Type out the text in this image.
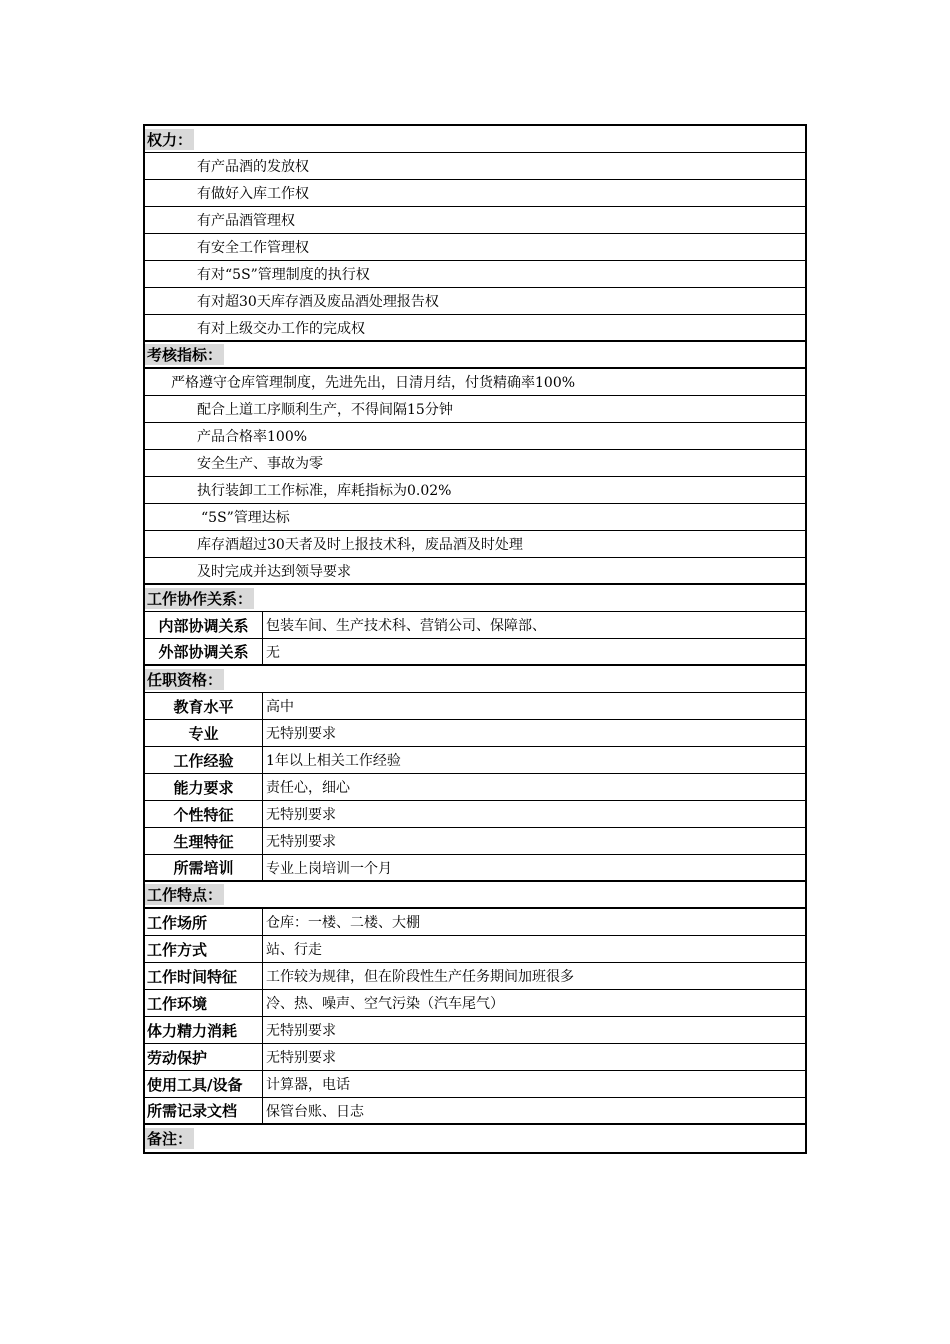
权力：
有产品酒的发放权
有做好入库工作权
有产品酒管理权
有安全工作管理权
有对“5S”管理制度的执行权
有对超30天库存酒及废品酒处理报告权
有对上级交办工作的完成权
考核指标：
严格遵守仓库管理制度，先进先出，日清月结，付货精确率100%
配合上道工序顺利生产，不得间隔15分钟
产品合格率100%
安全生产、事故为零
执行装卸工工作标准，库耗指标为0.02%
“5S”管理达标
库存酒超过30天者及时上报技术科，废品酒及时处理
及时完成并达到领导要求
工作协作关系：
内部协调关系	包装车间、生产技术科、营销公司、保障部、
外部协调关系	无
任职资格：
教育水平	高中
专业	无特别要求
工作经验	1年以上相关工作经验
能力要求	责任心，细心
个性特征	无特别要求
生理特征	无特别要求
所需培训	专业上岗培训一个月
工作特点：
工作场所	仓库：一楼、二楼、大棚
工作方式	站、行走
工作时间特征	工作较为规律，但在阶段性生产任务期间加班很多
工作环境	冷、热、噪声、空气污染（汽车尾气）
体力精力消耗	无特别要求
劳动保护	无特别要求
使用工具/设备	计算器，电话
所需记录文档	保管台账、日志
备注：
